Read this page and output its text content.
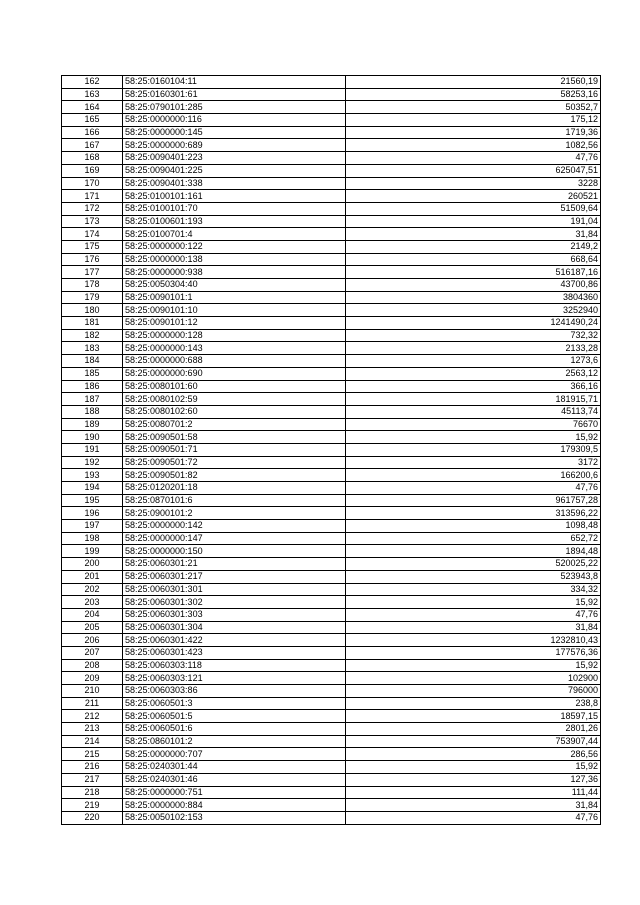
162	58:25:0160104:11	21560,19
163	58:25:0160301:61	58253,16
164	58:25:0790101:285	50352,7
165	58:25:0000000:116	175,12
166	58:25:0000000:145	1719,36
167	58:25:0000000:689	1082,56
168	58:25:0090401:223	47,76
169	58:25:0090401:225	625047,51
170	58:25:0090401:338	3228
171	58:25:0100101:161	260521
172	58:25:0100101:70	51509,64
173	58:25:0100601:193	191,04
174	58:25:0100701:4	31,84
175	58:25:0000000:122	2149,2
176	58:25:0000000:138	668,64
177	58:25:0000000:938	516187,16
178	58:25:0050304:40	43700,86
179	58:25:0090101:1	3804360
180	58:25:0090101:10	3252940
181	58:25:0090101:12	1241490,24
182	58:25:0000000:128	732,32
183	58:25:0000000:143	2133,28
184	58:25:0000000:688	1273,6
185	58:25:0000000:690	2563,12
186	58:25:0080101:60	366,16
187	58:25:0080102:59	181915,71
188	58:25:0080102:60	45113,74
189	58:25:0080701:2	76670
190	58:25:0090501:58	15,92
191	58:25:0090501:71	179309,5
192	58:25:0090501:72	3172
193	58:25:0090501:82	166200,6
194	58:25:0120201:18	47,76
195	58:25:0870101:6	961757,28
196	58:25:0900101:2	313596,22
197	58:25:0000000:142	1098,48
198	58:25:0000000:147	652,72
199	58:25:0000000:150	1894,48
200	58:25:0060301:21	520025,22
201	58:25:0060301:217	523943,8
202	58:25:0060301:301	334,32
203	58:25:0060301:302	15,92
204	58:25:0060301:303	47,76
205	58:25:0060301:304	31,84
206	58:25:0060301:422	1232810,43
207	58:25:0060301:423	177576,36
208	58:25:0060303:118	15,92
209	58:25:0060303:121	102900
210	58:25:0060303:86	796000
211	58:25:0060501:3	238,8
212	58:25:0060501:5	18597,15
213	58:25:0060501:6	2801,26
214	58:25:0860101:2	753907,44
215	58:25:0000000:707	286,56
216	58:25:0240301:44	15,92
217	58:25:0240301:46	127,36
218	58:25:0000000:751	111,44
219	58:25:0000000:884	31,84
220	58:25:0050102:153	47,76
